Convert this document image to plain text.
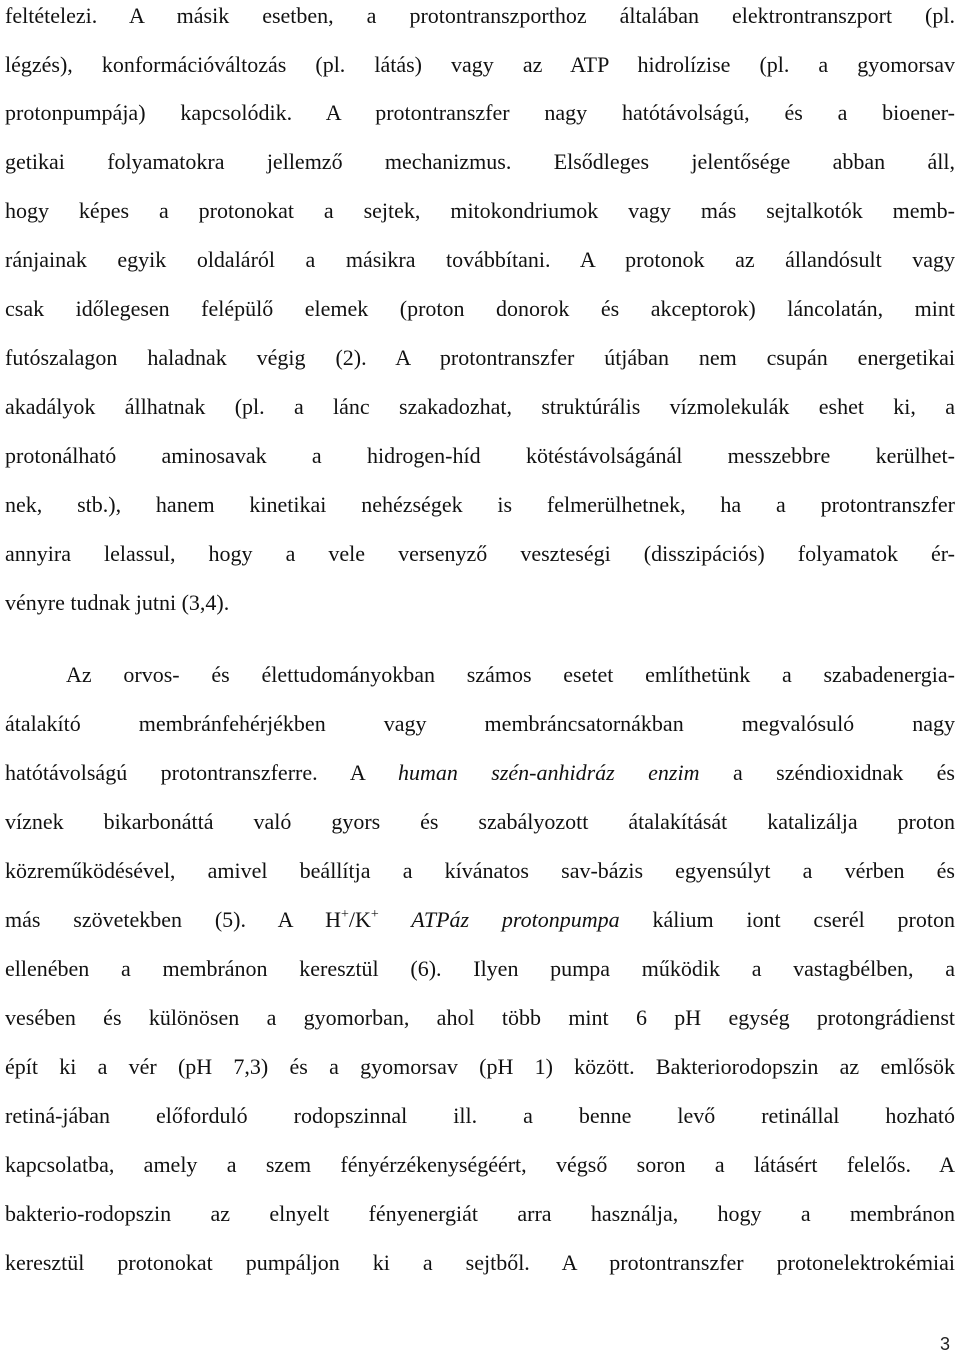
feltételezi. A másik esetben, a protontranszporthoz általában elektrontranszport (pl.
légzés), konformációváltozás (pl. látás) vagy az ATP hidrolízise (pl. a gyomorsav
protonpumpája) kapcsolódik. A protontranszfer nagy hatótávolságú, és a bioener-
getikai folyamatokra jellemző mechanizmus. Elsődleges jelentősége abban áll,
hogy képes a protonokat a sejtek, mitokondriumok vagy más sejtalkotók memb-
ránjainak egyik oldaláról a másikra továbbítani. A protonok az állandósult vagy
csak időlegesen felépülő elemek (proton donorok és akceptorok) láncolatán, mint
futószalagon haladnak végig (2). A protontranszfer útjában nem csupán energetikai
akadályok állhatnak (pl. a lánc szakadozhat, struktúrális vízmolekulák eshet ki, a
protonálható aminosavak a hidrogen-híd kötéstávolságánál messzebbre kerülhet-
nek, stb.), hanem kinetikai nehézségek is felmerülhetnek, ha a protontranszfer
annyira lelassul, hogy a vele versenyző veszteségi (disszipációs) folyamatok ér-
vényre tudnak jutni (3,4).
Az orvos- és élettudományokban számos esetet említhetünk a szabadenergia-
átalakító membránfehérjékben vagy membráncsatornákban megvalósuló nagy
hatótávolságú protontranszferre. A human szén-anhidráz enzim a széndioxidnak és
víznek bikarbonáttá való gyors és szabályozott átalakítását katalizálja proton
közreműködésével, amivel beállítja a kívánatos sav-bázis egyensúlyt a vérben és
más szövetekben (5). A H+/K+ ATPáz protonpumpa kálium iont cserél proton
ellenében a membránon keresztül (6). Ilyen pumpa működik a vastagbélben, a
vesében és különösen a gyomorban, ahol több mint 6 pH egység protongrádienst
épít ki a vér (pH 7,3) és a gyomorsav (pH 1) között. Bakteriorodopszin az emlősök
retiná-jában előforduló rodopszinnal ill. a benne levő retinállal hozható
kapcsolatba, amely a szem fényérzékenységéért, végső soron a látásért felelős. A
bakterio-rodopszin az elnyelt fényenergiát arra használja, hogy a membránon
keresztül protonokat pumpáljon ki a sejtből. A protontranszfer protonelektrokémiai
3
